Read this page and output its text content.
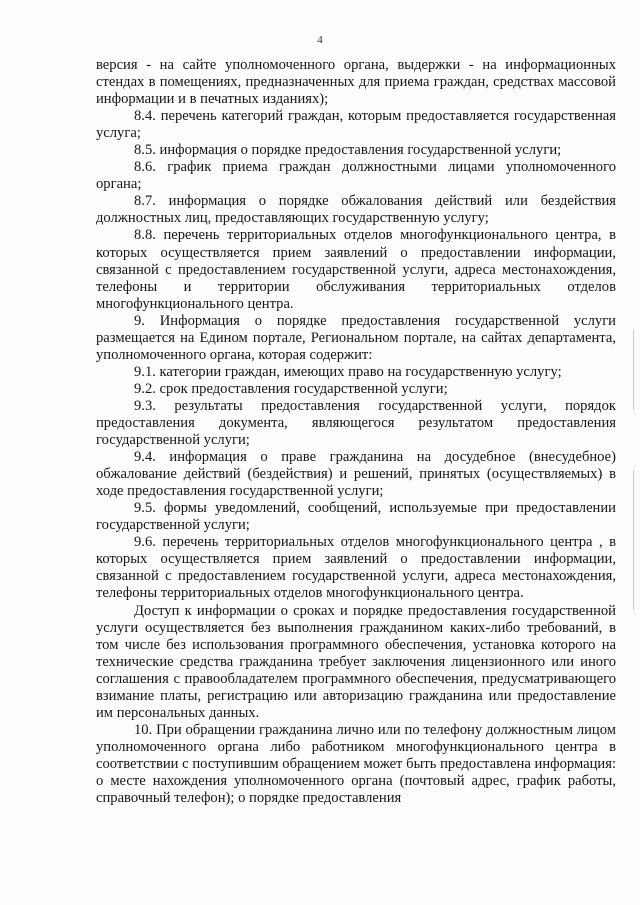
4

версия - на сайте уполномоченного органа, выдержки - на информационных стендах в помещениях, предназначенных для приема граждан, средствах массовой информации и в печатных изданиях);

8.4. перечень категорий граждан, которым предоставляется государственная услуга;

8.5. информация о порядке предоставления государственной услуги;

8.6. график приема граждан должностными лицами уполномоченного органа;

8.7. информация о порядке обжалования действий или бездействия должностных лиц, предоставляющих государственную услугу;

8.8. перечень территориальных отделов многофункционального центра, в которых осуществляется прием заявлений о предоставлении информации, связанной с предоставлением государственной услуги, адреса местонахождения, телефоны и территории обслуживания территориальных отделов многофункционального центра.

9. Информация о порядке предоставления государственной услуги размещается на Едином портале, Региональном портале, на сайтах департамента, уполномоченного органа, которая содержит:

9.1. категории граждан, имеющих право на государственную услугу;

9.2. срок предоставления государственной услуги;

9.3. результаты предоставления государственной услуги, порядок предоставления документа, являющегося результатом предоставления государственной услуги;

9.4. информация о праве гражданина на досудебное (внесудебное) обжалование действий (бездействия) и решений, принятых (осуществляемых) в ходе предоставления государственной услуги;

9.5. формы уведомлений, сообщений, используемые при предоставлении государственной услуги;

9.6. перечень территориальных отделов многофункционального центра , в которых осуществляется прием заявлений о предоставлении информации, связанной с предоставлением государственной услуги, адреса местонахождения, телефоны территориальных отделов многофункционального центра.

Доступ к информации о сроках и порядке предоставления государственной услуги осуществляется без выполнения гражданином каких-либо требований, в том числе без использования программного обеспечения, установка которого на технические средства гражданина требует заключения лицензионного или иного соглашения с правообладателем программного обеспечения, предусматривающего взимание платы, регистрацию или авторизацию гражданина или предоставление им персональных данных.

10. При обращении гражданина лично или по телефону должностным лицом уполномоченного органа либо работником многофункционального центра в соответствии с поступившим обращением может быть предоставлена информация: о месте нахождения уполномоченного органа (почтовый адрес, график работы, справочный телефон); о порядке предоставления
